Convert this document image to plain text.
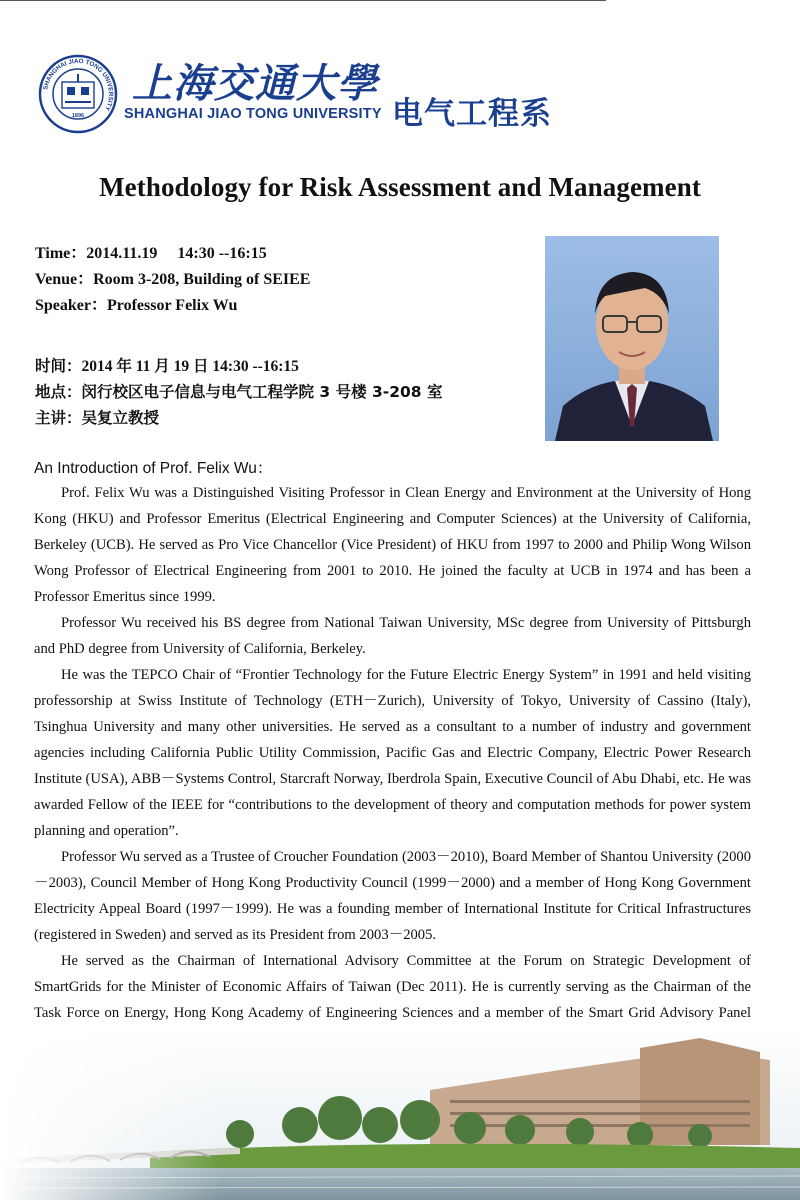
SHANGHAI JIAO TONG UNIVERSITY
1896
上海交通大學
SHANGHAI JIAO TONG UNIVERSITY 电气工程系
Methodology for Risk Assessment and Management
Time：2014.11.19     14:30 --16:15
Venue：Room 3-208, Building of SEIEE
Speaker：Professor Felix Wu
时间：2014 年 11 月 19 日 14:30 --16:15
地点：闵行校区电子信息与电气工程学院 3 号楼 3-208 室
主讲：吴复立教授
An Introduction of Prof. Felix Wu：

Prof. Felix Wu was a Distinguished Visiting Professor in Clean Energy and Environment at the University of Hong Kong (HKU) and Professor Emeritus (Electrical Engineering and Computer Sciences) at the University of California, Berkeley (UCB). He served as Pro Vice Chancellor (Vice President) of HKU from 1997 to 2000 and Philip Wong Wilson Wong Professor of Electrical Engineering from 2001 to 2010. He joined the faculty at UCB in 1974 and has been a Professor Emeritus since 1999.

Professor Wu received his BS degree from National Taiwan University, MSc degree from University of Pittsburgh and PhD degree from University of California, Berkeley.

He was the TEPCO Chair of “Frontier Technology for the Future Electric Energy System” in 1991 and held visiting professorship at Swiss Institute of Technology (ETH－Zurich), University of Tokyo, University of Cassino (Italy), Tsinghua University and many other universities. He served as a consultant to a number of industry and government agencies including California Public Utility Commission, Pacific Gas and Electric Company, Electric Power Research Institute (USA), ABB－Systems Control, Starcraft Norway, Iberdrola Spain, Executive Council of Abu Dhabi, etc. He was awarded Fellow of the IEEE for “contributions to the development of theory and computation methods for power system planning and operation”.

Professor Wu served as a Trustee of Croucher Foundation (2003－2010), Board Member of Shantou University (2000－2003), Council Member of Hong Kong Productivity Council (1999－2000) and a member of Hong Kong Government Electricity Appeal Board (1997－1999). He was a founding member of International Institute for Critical Infrastructures (registered in Sweden) and served as its President from 2003－2005.

He served as the Chairman of International Advisory Committee at the Forum on Strategic Development of SmartGrids for the Minister of Economic Affairs of Taiwan (Dec 2011). He is currently serving as the Chairman of the Task Force on Energy, Hong Kong Academy of Engineering Sciences and a member of the Smart Grid Advisory Panel
